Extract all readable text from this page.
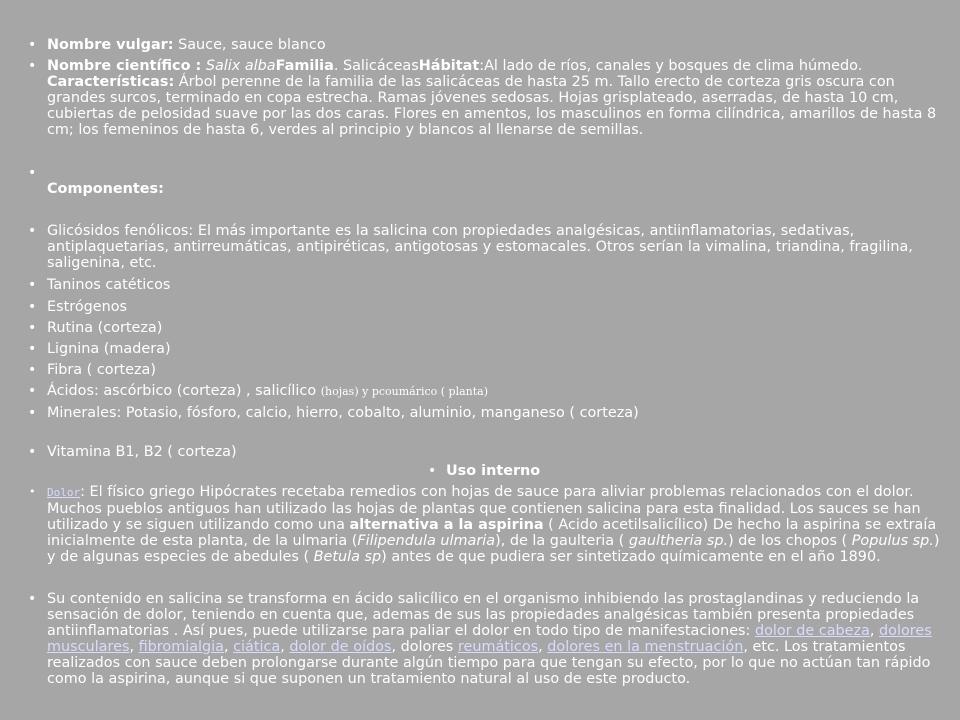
• Nombre vulgar: Sauce, sauce blanco

• Nombre científico : Salix albaFamilia. SalicáceasHábitat:Al lado de ríos, canales y bosques de clima húmedo. Características: Árbol perenne de la familia de las salicáceas de hasta 25 m. Tallo erecto de corteza gris oscura con grandes surcos, terminado en copa estrecha. Ramas jóvenes sedosas. Hojas grisplateado, aserradas, de hasta 10 cm, cubiertas de pelosidad suave por las dos caras. Flores en amentos, los masculinos en forma cilíndrica, amarillos de hasta 8 cm; los femeninos de hasta 6, verdes al principio y blancos al llenarse de semillas.

•

Componentes:

• Glicósidos fenólicos: El más importante es la salicina con propiedades analgésicas, antiinflamatorias, sedativas, antiplaquetarias, antirreumáticas, antipiréticas, antigotosas y estomacales. Otros serían la vimalina, triandina, fragilina, saligenina, etc.

• Taninos catéticos

• Estrógenos

• Rutina (corteza)

• Lignina (madera)

• Fibra ( corteza)

• Ácidos: ascórbico (corteza) , salicílico (hojas) y pcoumárico ( planta)

• Minerales: Potasio, fósforo, calcio, hierro, cobalto, aluminio, manganeso ( corteza)

• Vitamina B1, B2 ( corteza)

• Uso interno

•	Dolor: El físico griego Hipócrates recetaba remedios con hojas de sauce para aliviar problemas relacionados con el dolor. Muchos pueblos antiguos han utilizado las hojas de plantas que contienen salicina para esta finalidad. Los sauces se han utilizado y se siguen utilizando como una alternativa a la aspirina ( Acido acetilsalicílico) De hecho la aspirina se extraía inicialmente de esta planta, de la ulmaria (Filipendula ulmaria), de la gaulteria ( gaultheria sp.) de los chopos ( Populus sp.) y de algunas especies de abedules ( Betula sp) antes de que pudiera ser sintetizado químicamente en el año 1890.

• Su contenido en salicina se transforma en ácido salicílico en el organismo inhibiendo las prostaglandinas y reduciendo la sensación de dolor, teniendo en cuenta que, ademas de sus las propiedades analgésicas también presenta propiedades antiinflamatorias . Así pues, puede utilizarse para paliar el dolor en todo tipo de manifestaciones: dolor de cabeza, dolores musculares, fibromialgia, ciática, dolor de oídos, dolores reumáticos, dolores en la menstruación, etc. Los tratamientos realizados con sauce deben prolongarse durante algún tiempo para que tengan su efecto, por lo que no actúan tan rápido como la aspirina, aunque si que suponen un tratamiento natural al uso de este producto.
